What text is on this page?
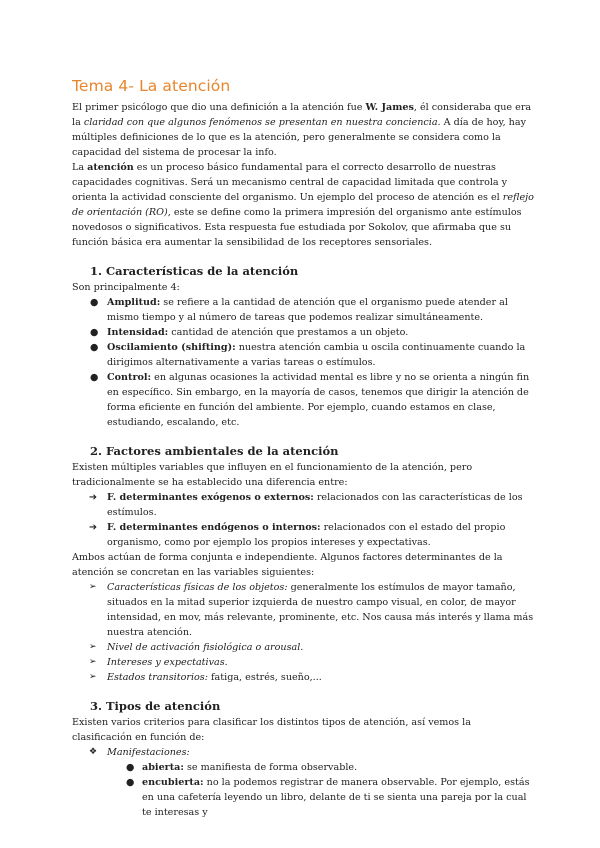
Tema 4- La atención

El primer psicólogo que dio una definición a la atención fue W. James, él consideraba que era la claridad con que algunos fenómenos se presentan en nuestra conciencia. A día de hoy, hay múltiples definiciones de lo que es la atención, pero generalmente se considera como la capacidad del sistema de procesar la info.

La atención es un proceso básico fundamental para el correcto desarrollo de nuestras capacidades cognitivas. Será un mecanismo central de capacidad limitada que controla y orienta la actividad consciente del organismo. Un ejemplo del proceso de atención es el reflejo de orientación (RO), este se define como la primera impresión del organismo ante estímulos novedosos o significativos. Esta respuesta fue estudiada por Sokolov, que afirmaba que su función básica era aumentar la sensibilidad de los receptores sensoriales.

1. Características de la atención

Son principalmente 4:

● Amplitud: se refiere a la cantidad de atención que el organismo puede atender al mismo tiempo y al número de tareas que podemos realizar simultáneamente.
● Intensidad: cantidad de atención que prestamos a un objeto.
● Oscilamiento (shifting): nuestra atención cambia u oscila continuamente cuando la dirigimos alternativamente a varias tareas o estímulos.
● Control: en algunas ocasiones la actividad mental es libre y no se orienta a ningún fin en específico. Sin embargo, en la mayoría de casos, tenemos que dirigir la atención de forma eficiente en función del ambiente. Por ejemplo, cuando estamos en clase, estudiando, escalando, etc.
2. Factores ambientales de la atención

Existen múltiples variables que influyen en el funcionamiento de la atención, pero tradicionalmente se ha establecido una diferencia entre:

➔ F. determinantes exógenos o externos: relacionados con las características de los estímulos.
➔ F. determinantes endógenos o internos: relacionados con el estado del propio organismo, como por ejemplo los propios intereses y expectativas.

Ambos actúan de forma conjunta e independiente. Algunos factores determinantes de la atención se concretan en las variables siguientes:

➢ Características físicas de los objetos: generalmente los estímulos de mayor tamaño, situados en la mitad superior izquierda de nuestro campo visual, en color, de mayor intensidad, en mov, más relevante, prominente, etc. Nos causa más interés y llama más nuestra atención.
➢ Nivel de activación fisiológica o arousal.
➢ Intereses y expectativas.
➢ Estados transitorios: fatiga, estrés, sueño,...
3. Tipos de atención

Existen varios criterios para clasificar los distintos tipos de atención, así vemos la clasificación en función de:

❖ Manifestaciones:
● abierta: se manifiesta de forma observable.
● encubierta: no la podemos registrar de manera observable. Por ejemplo, estás en una cafetería leyendo un libro, delante de ti se sienta una pareja por la cual te interesas y
